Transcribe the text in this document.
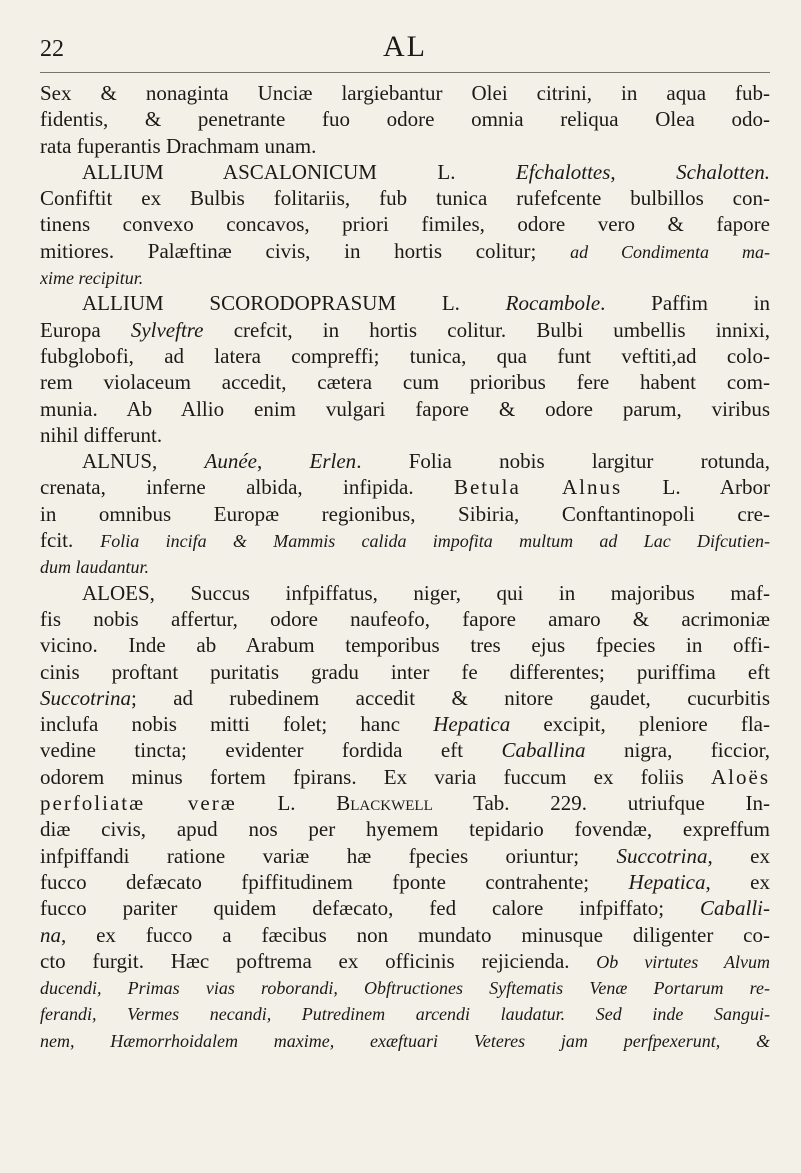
22	AL
Sex & nonaginta Unciæ largiebantur Olei citrini, in aqua fub-
fidentis, & penetrante fuo odore omnia reliqua Olea odo-
rata fuperantis Drachmam unam.
ALLIUM ASCALONICUM L. Efchalottes, Schalotten.
Confiftit ex Bulbis folitariis, fub tunica rufefcente bulbillos con-
tinens convexo concavos, priori fimiles, odore vero & fapore
mitiores. Palæftinæ civis, in hortis colitur; ad Condimenta ma-
xime recipitur.
ALLIUM SCORODOPRASUM L. Rocambole. Paffim in
Europa Sylveftre crefcit, in hortis colitur. Bulbi umbellis innixi,
fubglobofi, ad latera compreffi; tunica, qua funt veftiti,ad colo-
rem violaceum accedit, cætera cum prioribus fere habent com-
munia. Ab Allio enim vulgari fapore & odore parum, viribus
nihil differunt.
ALNUS, Aunée, Erlen. Folia nobis largitur rotunda,
crenata, inferne albida, infipida. Betula Alnus L. Arbor
in omnibus Europæ regionibus, Sibiria, Conftantinopoli cre-
fcit. Folia incifa & Mammis calida impofita multum ad Lac Difcutien-
dum laudantur.
ALOES, Succus infpiffatus, niger, qui in majoribus maf-
fis nobis affertur, odore naufeofo, fapore amaro & acrimoniæ
vicino. Inde ab Arabum temporibus tres ejus fpecies in offi-
cinis proftant puritatis gradu inter fe differentes; puriffima eft
Succotrina; ad rubedinem accedit & nitore gaudet, cucurbitis
inclufa nobis mitti folet; hanc Hepatica excipit, pleniore fla-
vedine tincta; evidenter fordida eft Caballina nigra, ficcior,
odorem minus fortem fpirans. Ex varia fuccum ex foliis Aloës
perfoliatæ veræ L. Blackwell Tab. 229. utriufque In-
diæ civis, apud nos per hyemem tepidario fovendæ, expreffum
infpiffandi ratione variæ hæ fpecies oriuntur; Succotrina, ex
fucco defæcato fpiffitudinem fponte contrahente; Hepatica, ex
fucco pariter quidem defæcato, fed calore infpiffato; Caballi-
na, ex fucco a fæcibus non mundato minusque diligenter co-
cto furgit. Hæc poftrema ex officinis rejicienda. Ob virtutes Alvum
ducendi, Primas vias roborandi, Obftructiones Syftematis Venæ Portarum re-
ferandi, Vermes necandi, Putredinem arcendi laudatur. Sed inde Sangui-
nem, Hæmorrhoidalem maxime, exæftuari Veteres jam perfpexerunt, &
